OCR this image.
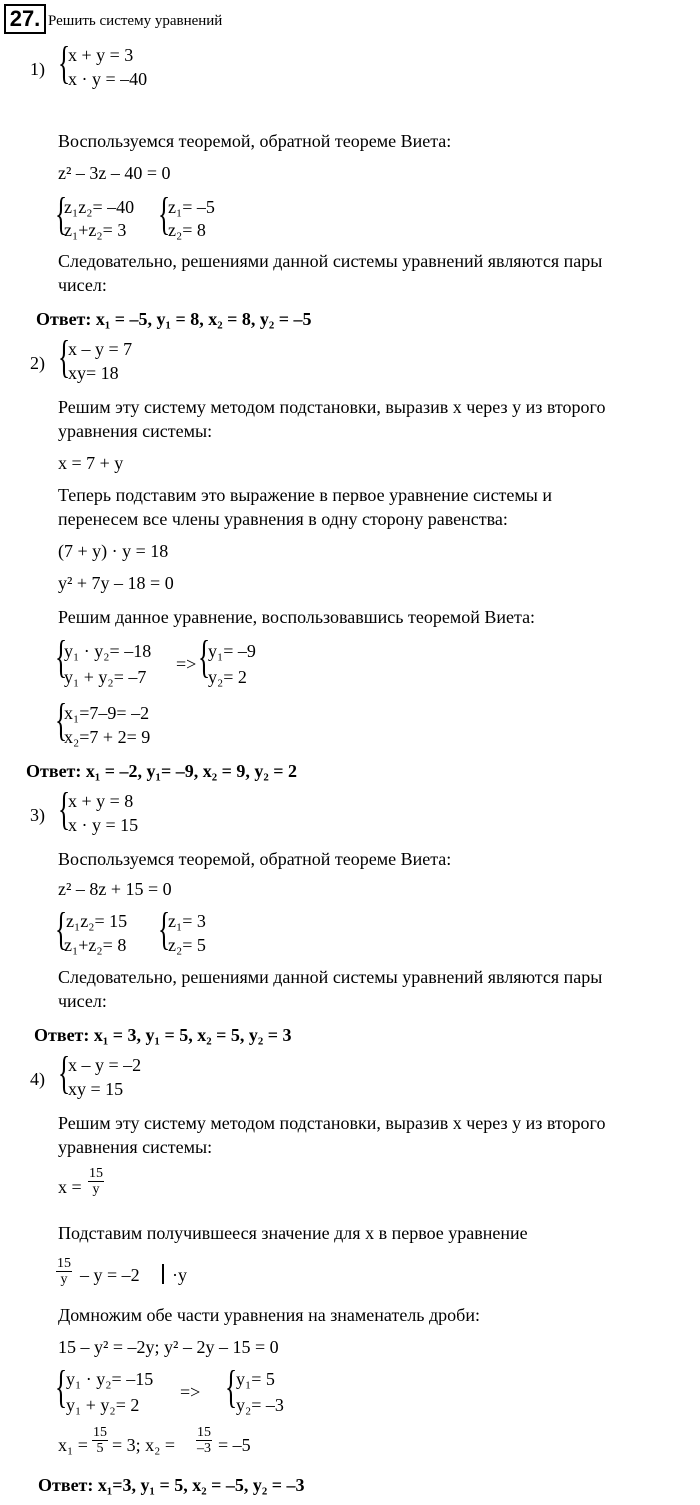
27. Решить систему уравнений
1) {
x + y = 3
x · y = –40
Воспользуемся теоремой, обратной теореме Виета:
z² – 3z – 40 = 0
{
z₁z₂= –40
z₁+z₂= 3 {
z₁= –5
z₂= 8
Следовательно, решениями данной системы уравнений являются пары
чисел:
Ответ: x₁ = –5, y₁ = 8, x₂ = 8, y₂ = –5
2) {
x – y = 7
xy= 18
Решим эту систему методом подстановки, выразив x через y из второго
уравнения системы:
x = 7 + y
Теперь подставим это выражение в первое уравнение системы и
перенесем все члены уравнения в одну сторону равенства:
(7 + y) · y = 18
y² + 7y – 18 = 0
Решим данное уравнение, воспользовавшись теоремой Виета:
{
y₁ · y₂= –18
y₁ + y₂= –7
=> {
y₁= –9
y₂= 2
{
x₁=7–9= –2
x₂=7 + 2= 9
Ответ: x₁ = –2, y₁= –9, x₂ = 9, y₂ = 2
3) {
x + y = 8
x · y = 15
Воспользуемся теоремой, обратной теореме Виета:
z² – 8z + 15 = 0
{
z₁z₂= 15
z₁+z₂= 8 {
z₁= 3
z₂= 5
Следовательно, решениями данной системы уравнений являются пары
чисел:
Ответ: x₁ = 3, y₁ = 5, x₂ = 5, y₂ = 3
4) {
x – y = –2
xy = 15
Решим эту систему методом подстановки, выразив x через y из второго
уравнения системы:
$x = \frac{15}{y}$
Подставим получившееся значение для x в первое уравнение
$\frac{15}{y} - y = -2 \cdot y$
Домножим обе части уравнения на знаменатель дроби:
15 – y² = –2y; y² – 2y – 15 = 0
{
y₁ · y₂= –15
y₁ + y₂= 2
=> {
y₁= 5
y₂= –3
$x_1 = \frac{15}{5} = 3$; $x_2 = \frac{15}{-3} = -5$
Ответ: x₁=3, y₁ = 5, x₂ = –5, y₂ = –3
